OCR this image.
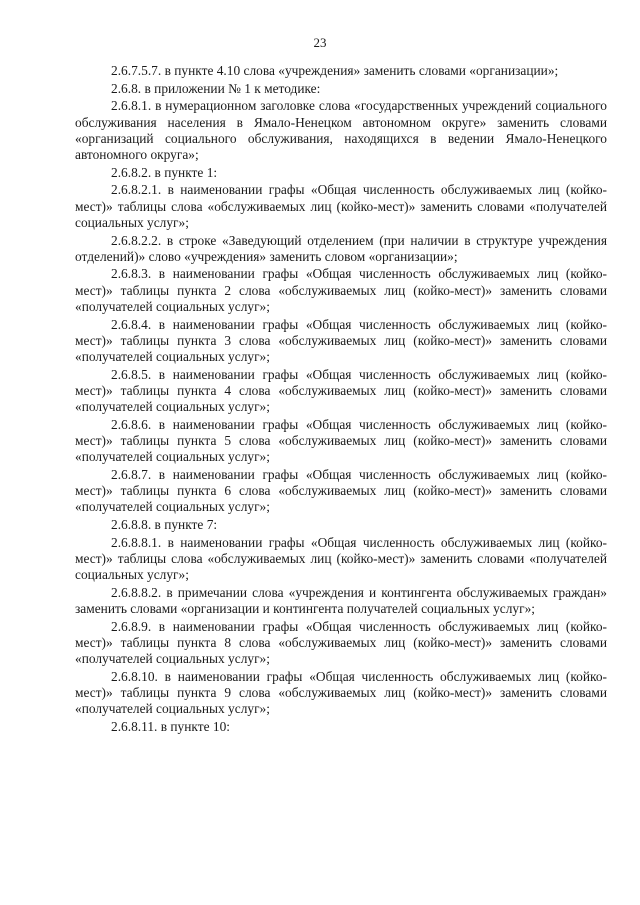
23

2.6.7.5.7. в пункте 4.10 слова «учреждения» заменить словами «организации»;

2.6.8. в приложении № 1 к методике:

2.6.8.1. в нумерационном заголовке слова «государственных учреждений социального обслуживания населения в Ямало-Ненецком автономном округе» заменить словами «организаций социального обслуживания, находящихся в ведении Ямало-Ненецкого автономного округа»;

2.6.8.2. в пункте 1:

2.6.8.2.1. в наименовании графы «Общая численность обслуживаемых лиц (койко-мест)» таблицы слова «обслуживаемых лиц (койко-мест)» заменить словами «получателей социальных услуг»;

2.6.8.2.2. в строке «Заведующий отделением (при наличии в структуре учреждения отделений)» слово «учреждения» заменить словом «организации»;

2.6.8.3. в наименовании графы «Общая численность обслуживаемых лиц (койко-мест)» таблицы пункта 2 слова «обслуживаемых лиц (койко-мест)» заменить словами «получателей социальных услуг»;

2.6.8.4. в наименовании графы «Общая численность обслуживаемых лиц (койко-мест)» таблицы пункта 3 слова «обслуживаемых лиц (койко-мест)» заменить словами «получателей социальных услуг»;

2.6.8.5. в наименовании графы «Общая численность обслуживаемых лиц (койко-мест)» таблицы пункта 4 слова «обслуживаемых лиц (койко-мест)» заменить словами «получателей социальных услуг»;

2.6.8.6. в наименовании графы «Общая численность обслуживаемых лиц (койко-мест)» таблицы пункта 5 слова «обслуживаемых лиц (койко-мест)» заменить словами «получателей социальных услуг»;

2.6.8.7. в наименовании графы «Общая численность обслуживаемых лиц (койко-мест)» таблицы пункта 6 слова «обслуживаемых лиц (койко-мест)» заменить словами «получателей социальных услуг»;

2.6.8.8. в пункте 7:

2.6.8.8.1. в наименовании графы «Общая численность обслуживаемых лиц (койко-мест)» таблицы слова «обслуживаемых лиц (койко-мест)» заменить словами «получателей социальных услуг»;

2.6.8.8.2. в примечании слова «учреждения и контингента обслуживаемых граждан» заменить словами «организации и контингента получателей социальных услуг»;

2.6.8.9. в наименовании графы «Общая численность обслуживаемых лиц (койко-мест)» таблицы пункта 8 слова «обслуживаемых лиц (койко-мест)» заменить словами «получателей социальных услуг»;

2.6.8.10. в наименовании графы «Общая численность обслуживаемых лиц (койко-мест)» таблицы пункта 9 слова «обслуживаемых лиц (койко-мест)» заменить словами «получателей социальных услуг»;

2.6.8.11. в пункте 10:
